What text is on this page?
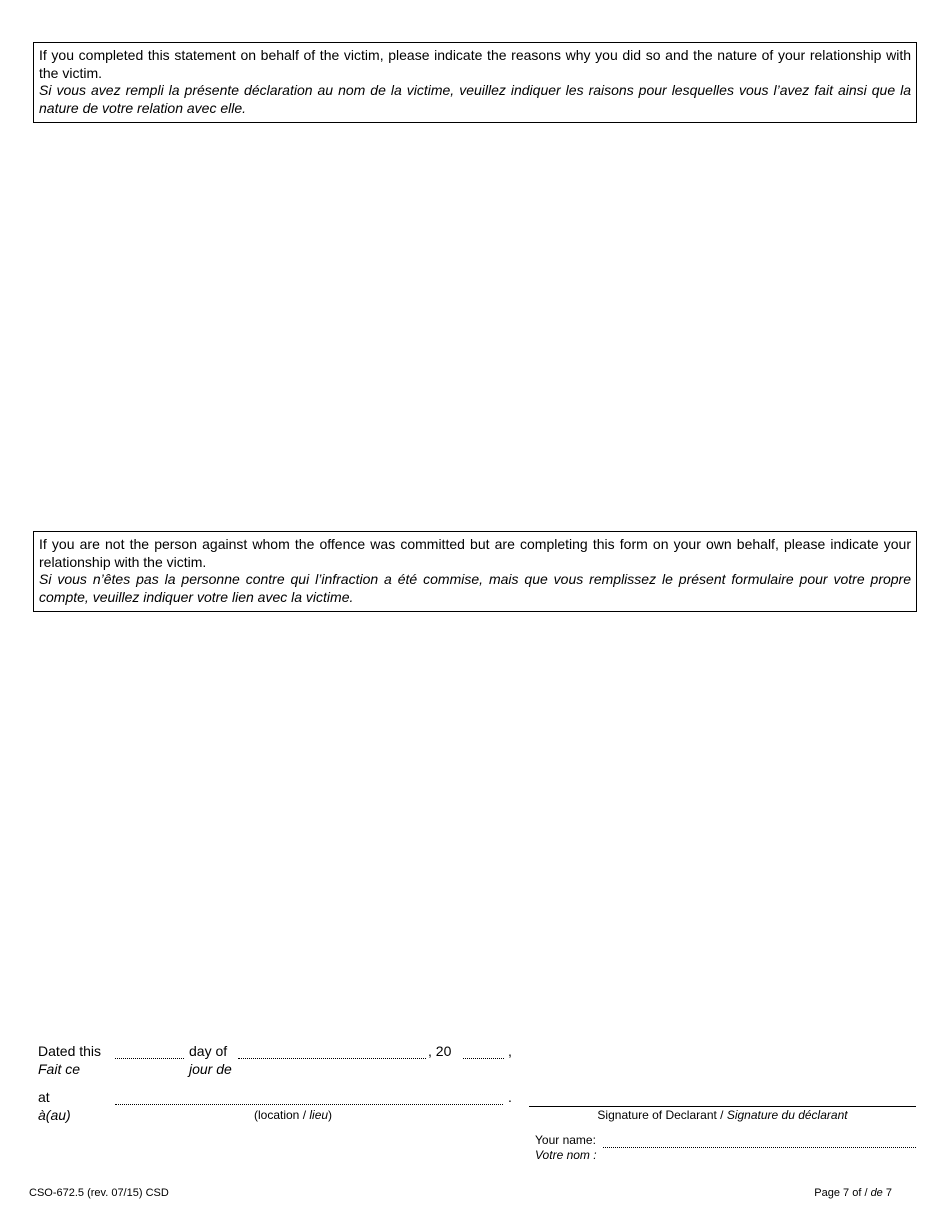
If you completed this statement on behalf of the victim, please indicate the reasons why you did so and the nature of your relationship with the victim.

Si vous avez rempli la présente déclaration au nom de la victime, veuillez indiquer les raisons pour lesquelles vous l’avez fait ainsi que la nature de votre relation avec elle.

If you are not the person against whom the offence was committed but are completing this form on your own behalf, please indicate your relationship with the victim.

Si vous n’êtes pas la personne contre qui l’infraction a été commise, mais que vous remplissez le présent formulaire pour votre propre compte, veuillez indiquer votre lien avec la victime.

Dated this
Fait ce
day of
jour de
, 20	,
at
à(au)
.
(location / lieu)	Signature of Declarant / Signature du déclarant
Your name:
Votre nom :
CSO-672.5 (rev. 07/15) CSD	Page 7 of / de 7
